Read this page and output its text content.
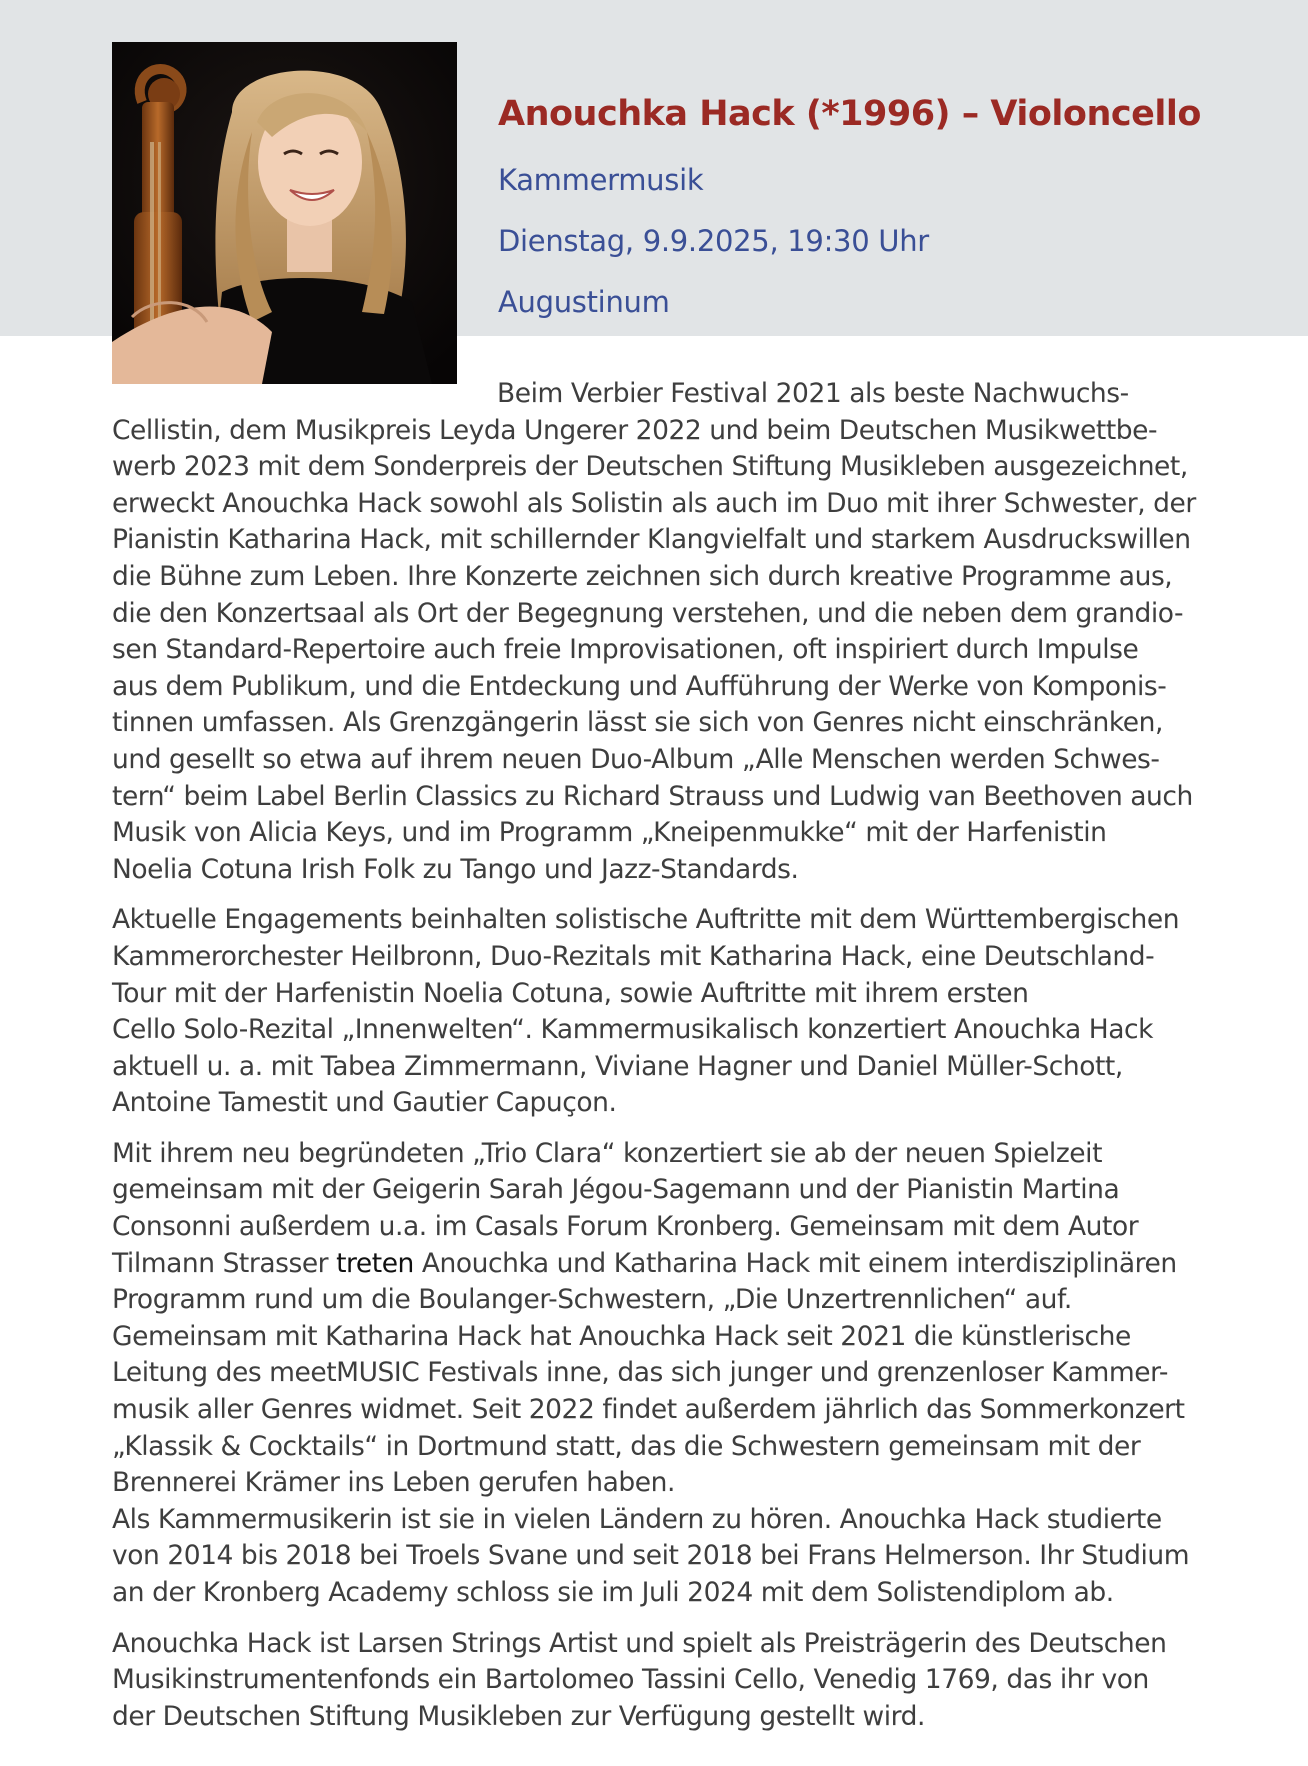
Anouchka Hack (*1996) – Violoncello

Kammermusik

Dienstag, 9.9.2025, 19:30 Uhr

Augustinum

Beim Verbier Festival 2021 als beste Nachwuchs-
Cellistin, dem Musikpreis Leyda Ungerer 2022 und beim Deutschen Musikwettbe-
werb 2023 mit dem Sonderpreis der Deutschen Stiftung Musikleben ausgezeichnet,
erweckt Anouchka Hack sowohl als Solistin als auch im Duo mit ihrer Schwester, der
Pianistin Katharina Hack, mit schillernder Klangvielfalt und starkem Ausdruckswillen
die Bühne zum Leben. Ihre Konzerte zeichnen sich durch kreative Programme aus,
die den Konzertsaal als Ort der Begegnung verstehen, und die neben dem grandio-
sen Standard-Repertoire auch freie Improvisationen, oft inspiriert durch Impulse
aus dem Publikum, und die Entdeckung und Aufführung der Werke von Komponis-
tinnen umfassen. Als Grenzgängerin lässt sie sich von Genres nicht einschränken,
und gesellt so etwa auf ihrem neuen Duo-Album „Alle Menschen werden Schwes-
tern“ beim Label Berlin Classics zu Richard Strauss und Ludwig van Beethoven auch
Musik von Alicia Keys, und im Programm „Kneipenmukke“ mit der Harfenistin
Noelia Cotuna Irish Folk zu Tango und Jazz-Standards.

Aktuelle Engagements beinhalten solistische Auftritte mit dem Württembergischen
Kammerorchester Heilbronn, Duo-Rezitals mit Katharina Hack, eine Deutschland-
Tour mit der Harfenistin Noelia Cotuna, sowie Auftritte mit ihrem ersten
Cello Solo-Rezital „Innenwelten“. Kammermusikalisch konzertiert Anouchka Hack
aktuell u. a. mit Tabea Zimmermann, Viviane Hagner und Daniel Müller-Schott,
Antoine Tamestit und Gautier Capuçon.

Mit ihrem neu begründeten „Trio Clara“ konzertiert sie ab der neuen Spielzeit
gemeinsam mit der Geigerin Sarah Jégou-Sagemann und der Pianistin Martina
Consonni außerdem u.a. im Casals Forum Kronberg. Gemeinsam mit dem Autor
Tilmann Strasser treten Anouchka und Katharina Hack mit einem interdisziplinären
Programm rund um die Boulanger-Schwestern, „Die Unzertrennlichen“ auf.
Gemeinsam mit Katharina Hack hat Anouchka Hack seit 2021 die künstlerische
Leitung des meetMUSIC Festivals inne, das sich junger und grenzenloser Kammer-
musik aller Genres widmet. Seit 2022 findet außerdem jährlich das Sommerkonzert
„Klassik & Cocktails“ in Dortmund statt, das die Schwestern gemeinsam mit der
Brennerei Krämer ins Leben gerufen haben.

Als Kammermusikerin ist sie in vielen Ländern zu hören. Anouchka Hack studierte
von 2014 bis 2018 bei Troels Svane und seit 2018 bei Frans Helmerson. Ihr Studium
an der Kronberg Academy schloss sie im Juli 2024 mit dem Solistendiplom ab.

Anouchka Hack ist Larsen Strings Artist und spielt als Preisträgerin des Deutschen
Musikinstrumentenfonds ein Bartolomeo Tassini Cello, Venedig 1769, das ihr von
der Deutschen Stiftung Musikleben zur Verfügung gestellt wird.
